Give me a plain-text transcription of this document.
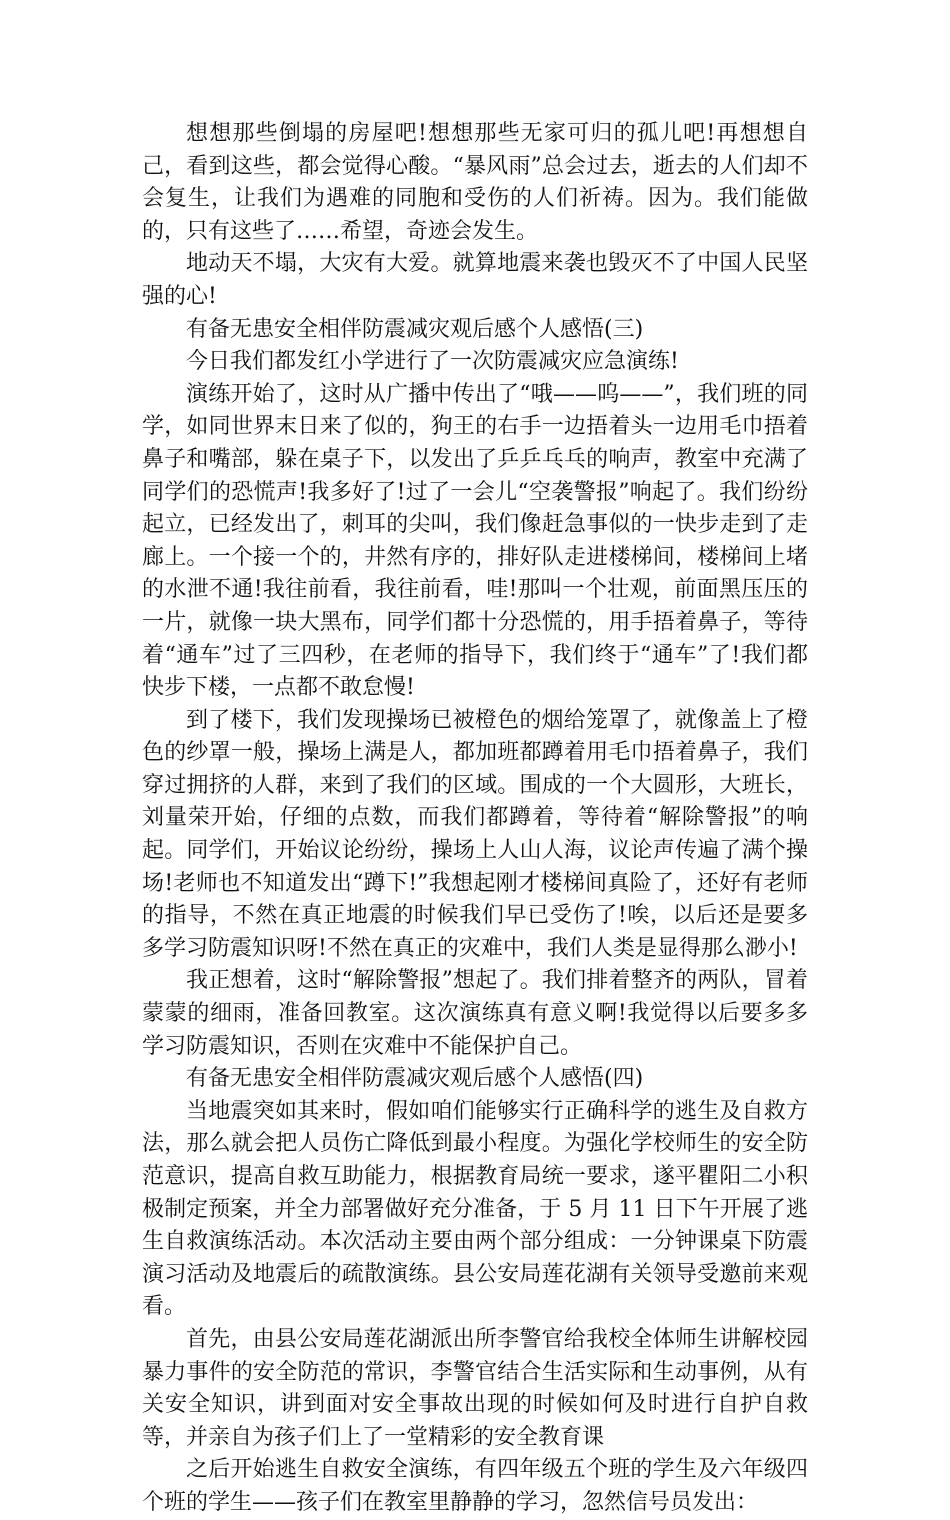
想想那些倒塌的房屋吧!想想那些无家可归的孤儿吧!再想想自己，看到这些，都会觉得心酸。“暴风雨”总会过去，逝去的人们却不会复生，让我们为遇难的同胞和受伤的人们祈祷。因为。我们能做的，只有这些了……希望，奇迹会发生。

地动天不塌，大灾有大爱。就算地震来袭也毁灭不了中国人民坚强的心!

有备无患安全相伴防震减灾观后感个人感悟(三)

今日我们都发红小学进行了一次防震减灾应急演练!

演练开始了，这时从广播中传出了“哦——呜——”，我们班的同学，如同世界末日来了似的，狗王的右手一边捂着头一边用毛巾捂着鼻子和嘴部，躲在桌子下，以发出了乒乒乓乓的响声，教室中充满了同学们的恐慌声!我多好了!过了一会儿“空袭警报”响起了。我们纷纷起立，已经发出了，刺耳的尖叫，我们像赶急事似的一快步走到了走廊上。一个接一个的，井然有序的，排好队走进楼梯间，楼梯间上堵的水泄不通!我往前看，我往前看，哇!那叫一个壮观，前面黑压压的一片，就像一块大黑布，同学们都十分恐慌的，用手捂着鼻子，等待着“通车”过了三四秒，在老师的指导下，我们终于“通车”了!我们都快步下楼，一点都不敢怠慢!

到了楼下，我们发现操场已被橙色的烟给笼罩了，就像盖上了橙色的纱罩一般，操场上满是人，都加班都蹲着用毛巾捂着鼻子，我们穿过拥挤的人群，来到了我们的区域。围成的一个大圆形，大班长，刘量荣开始，仔细的点数，而我们都蹲着，等待着“解除警报”的响起。同学们，开始议论纷纷，操场上人山人海，议论声传遍了满个操场!老师也不知道发出“蹲下!”我想起刚才楼梯间真险了，还好有老师的指导，不然在真正地震的时候我们早已受伤了!唉，以后还是要多多学习防震知识呀!不然在真正的灾难中，我们人类是显得那么渺小!

我正想着，这时“解除警报”想起了。我们排着整齐的两队，冒着蒙蒙的细雨，准备回教室。这次演练真有意义啊!我觉得以后要多多学习防震知识，否则在灾难中不能保护自己。

有备无患安全相伴防震减灾观后感个人感悟(四)

当地震突如其来时，假如咱们能够实行正确科学的逃生及自救方法，那么就会把人员伤亡降低到最小程度。为强化学校师生的安全防范意识，提高自救互助能力，根据教育局统一要求，遂平瞿阳二小积极制定预案，并全力部署做好充分准备，于 5 月 11 日下午开展了逃生自救演练活动。本次活动主要由两个部分组成：一分钟课桌下防震演习活动及地震后的疏散演练。县公安局莲花湖有关领导受邀前来观看。

首先，由县公安局莲花湖派出所李警官给我校全体师生讲解校园暴力事件的安全防范的常识，李警官结合生活实际和生动事例，从有关安全知识，讲到面对安全事故出现的时候如何及时进行自护自救等，并亲自为孩子们上了一堂精彩的安全教育课

之后开始逃生自救安全演练，有四年级五个班的学生及六年级四个班的学生——孩子们在教室里静静的学习，忽然信号员发出：
